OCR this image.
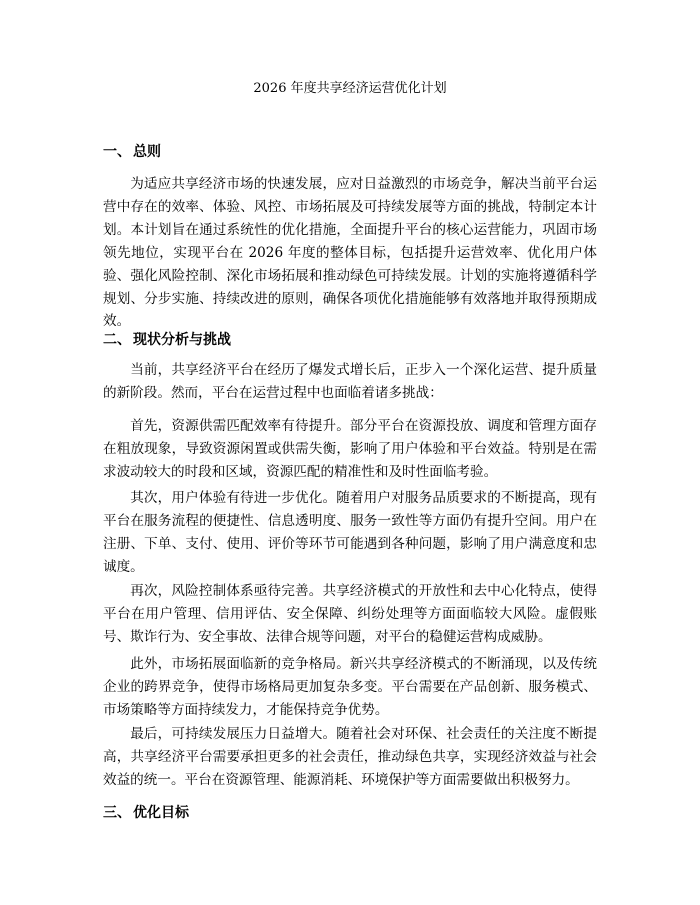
2026 年度共享经济运营优化计划
一、 总则

为适应共享经济市场的快速发展，应对日益激烈的市场竞争，解决当前平台运营中存在的效率、体验、风控、市场拓展及可持续发展等方面的挑战，特制定本计划。本计划旨在通过系统性的优化措施，全面提升平台的核心运营能力，巩固市场领先地位，实现平台在 2026 年度的整体目标，包括提升运营效率、优化用户体验、强化风险控制、深化市场拓展和推动绿色可持续发展。计划的实施将遵循科学规划、分步实施、持续改进的原则，确保各项优化措施能够有效落地并取得预期成效。

二、 现状分析与挑战

当前，共享经济平台在经历了爆发式增长后，正步入一个深化运营、提升质量的新阶段。然而，平台在运营过程中也面临着诸多挑战：

首先，资源供需匹配效率有待提升。部分平台在资源投放、调度和管理方面存在粗放现象，导致资源闲置或供需失衡，影响了用户体验和平台效益。特别是在需求波动较大的时段和区域，资源匹配的精准性和及时性面临考验。

其次，用户体验有待进一步优化。随着用户对服务品质要求的不断提高，现有平台在服务流程的便捷性、信息透明度、服务一致性等方面仍有提升空间。用户在注册、下单、支付、使用、评价等环节可能遇到各种问题，影响了用户满意度和忠诚度。

再次，风险控制体系亟待完善。共享经济模式的开放性和去中心化特点，使得平台在用户管理、信用评估、安全保障、纠纷处理等方面面临较大风险。虚假账号、欺诈行为、安全事故、法律合规等问题，对平台的稳健运营构成威胁。

此外，市场拓展面临新的竞争格局。新兴共享经济模式的不断涌现，以及传统企业的跨界竞争，使得市场格局更加复杂多变。平台需要在产品创新、服务模式、市场策略等方面持续发力，才能保持竞争优势。

最后，可持续发展压力日益增大。随着社会对环保、社会责任的关注度不断提高，共享经济平台需要承担更多的社会责任，推动绿色共享，实现经济效益与社会效益的统一。平台在资源管理、能源消耗、环境保护等方面需要做出积极努力。

三、 优化目标
